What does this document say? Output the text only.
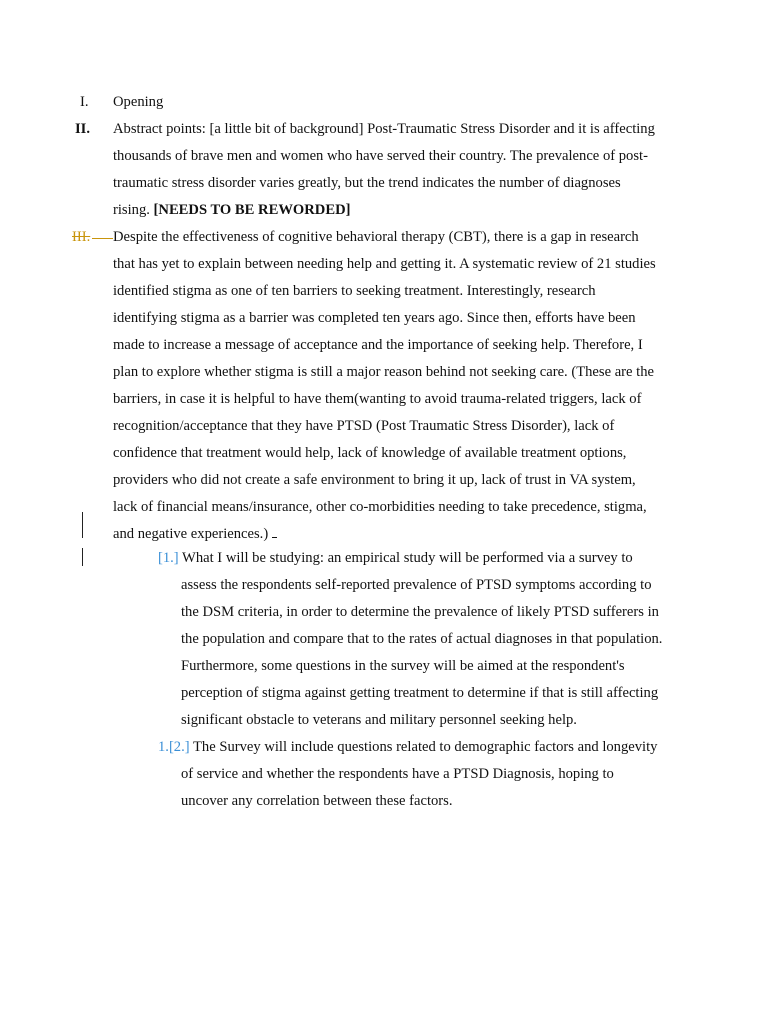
I. Opening
II. Abstract points: [a little bit of background] Post-Traumatic Stress Disorder and it is affecting
thousands of brave men and women who have served their country. The prevalence of post-
traumatic stress disorder varies greatly, but the trend indicates the number of diagnoses
rising. [NEEDS TO BE REWORDED]
III. Despite the effectiveness of cognitive behavioral therapy (CBT), there is a gap in research
that has yet to explain between needing help and getting it. A systematic review of 21 studies
identified stigma as one of ten barriers to seeking treatment. Interestingly, research
identifying stigma as a barrier was completed ten years ago. Since then, efforts have been
made to increase a message of acceptance and the importance of seeking help. Therefore, I
plan to explore whether stigma is still a major reason behind not seeking care. (These are the
barriers, in case it is helpful to have them(wanting to avoid trauma-related triggers, lack of
recognition/acceptance that they have PTSD (Post Traumatic Stress Disorder), lack of
confidence that treatment would help, lack of knowledge of available treatment options,
providers who did not create a safe environment to bring it up, lack of trust in VA system,
lack of financial means/insurance, other co-morbidities needing to take precedence, stigma,
and negative experiences.)
[1.] What I will be studying: an empirical study will be performed via a survey to
assess the respondents self-reported prevalence of PTSD symptoms according to
the DSM criteria, in order to determine the prevalence of likely PTSD sufferers in
the population and compare that to the rates of actual diagnoses in that population.
Furthermore, some questions in the survey will be aimed at the respondent's
perception of stigma against getting treatment to determine if that is still affecting
significant obstacle to veterans and military personnel seeking help.
1.[2.] The Survey will include questions related to demographic factors and longevity
of service and whether the respondents have a PTSD Diagnosis, hoping to
uncover any correlation between these factors.
